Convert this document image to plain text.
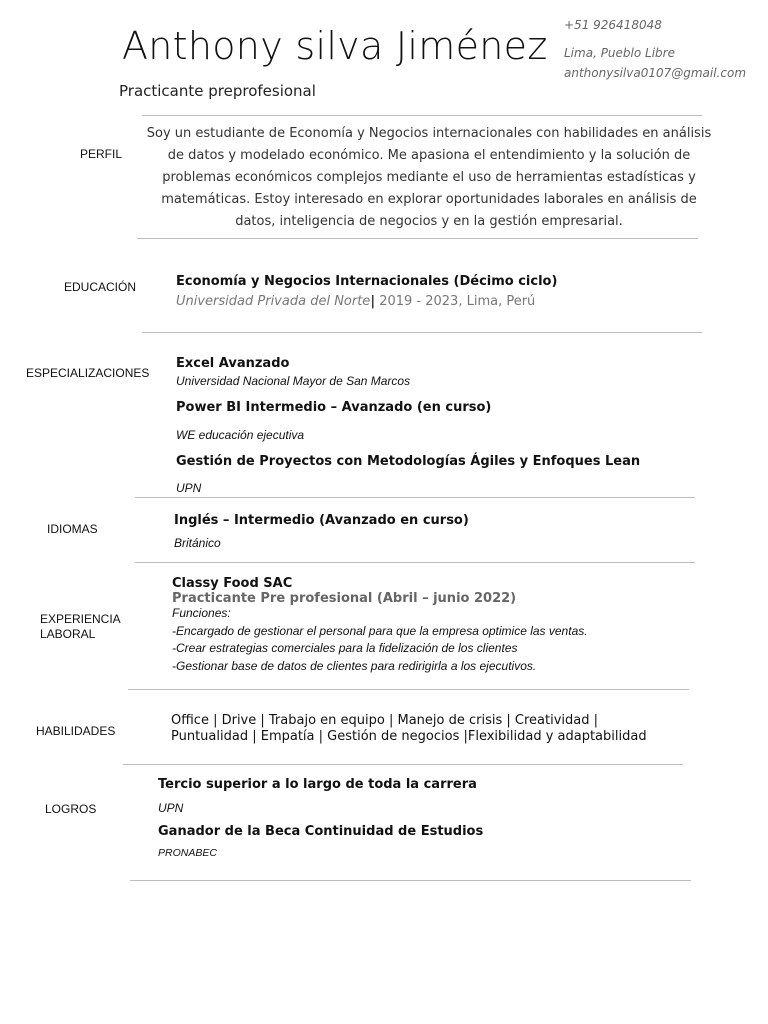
Anthony silva Jiménez
Practicante preprofesional
+51 926418048
Lima, Pueblo Libre
anthonysilva0107@gmail.com
PERFIL
Soy un estudiante de Economía y Negocios internacionales con habilidades en análisis de datos y modelado económico. Me apasiona el entendimiento y la solución de problemas económicos complejos mediante el uso de herramientas estadísticas y matemáticas. Estoy interesado en explorar oportunidades laborales en análisis de datos, inteligencia de negocios y en la gestión empresarial.
EDUCACIÓN	Economía y Negocios Internacionales (Décimo ciclo)
Universidad Privada del Norte| 2019 - 2023, Lima, Perú
ESPECIALIZACIONES
Excel Avanzado
Universidad Nacional Mayor de San Marcos
Power BI Intermedio – Avanzado (en curso)
WE educación ejecutiva
Gestión de Proyectos con Metodologías Ágiles y Enfoques Lean
UPN
IDIOMAS
Inglés – Intermedio (Avanzado en curso)
Británico
EXPERIENCIA
LABORAL
Classy Food SAC
Practicante Pre profesional (Abril – junio 2022)
Funciones:
-Encargado de gestionar el personal para que la empresa optimice las ventas.
-Crear estrategias comerciales para la fidelización de los clientes
-Gestionar base de datos de clientes para redirigirla a los ejecutivos.
HABILIDADES
Office | Drive | Trabajo en equipo | Manejo de crisis | Creatividad |
Puntualidad | Empatía | Gestión de negocios |Flexibilidad y adaptabilidad
LOGROS
Tercio superior a lo largo de toda la carrera
UPN
Ganador de la Beca Continuidad de Estudios
PRONABEC
